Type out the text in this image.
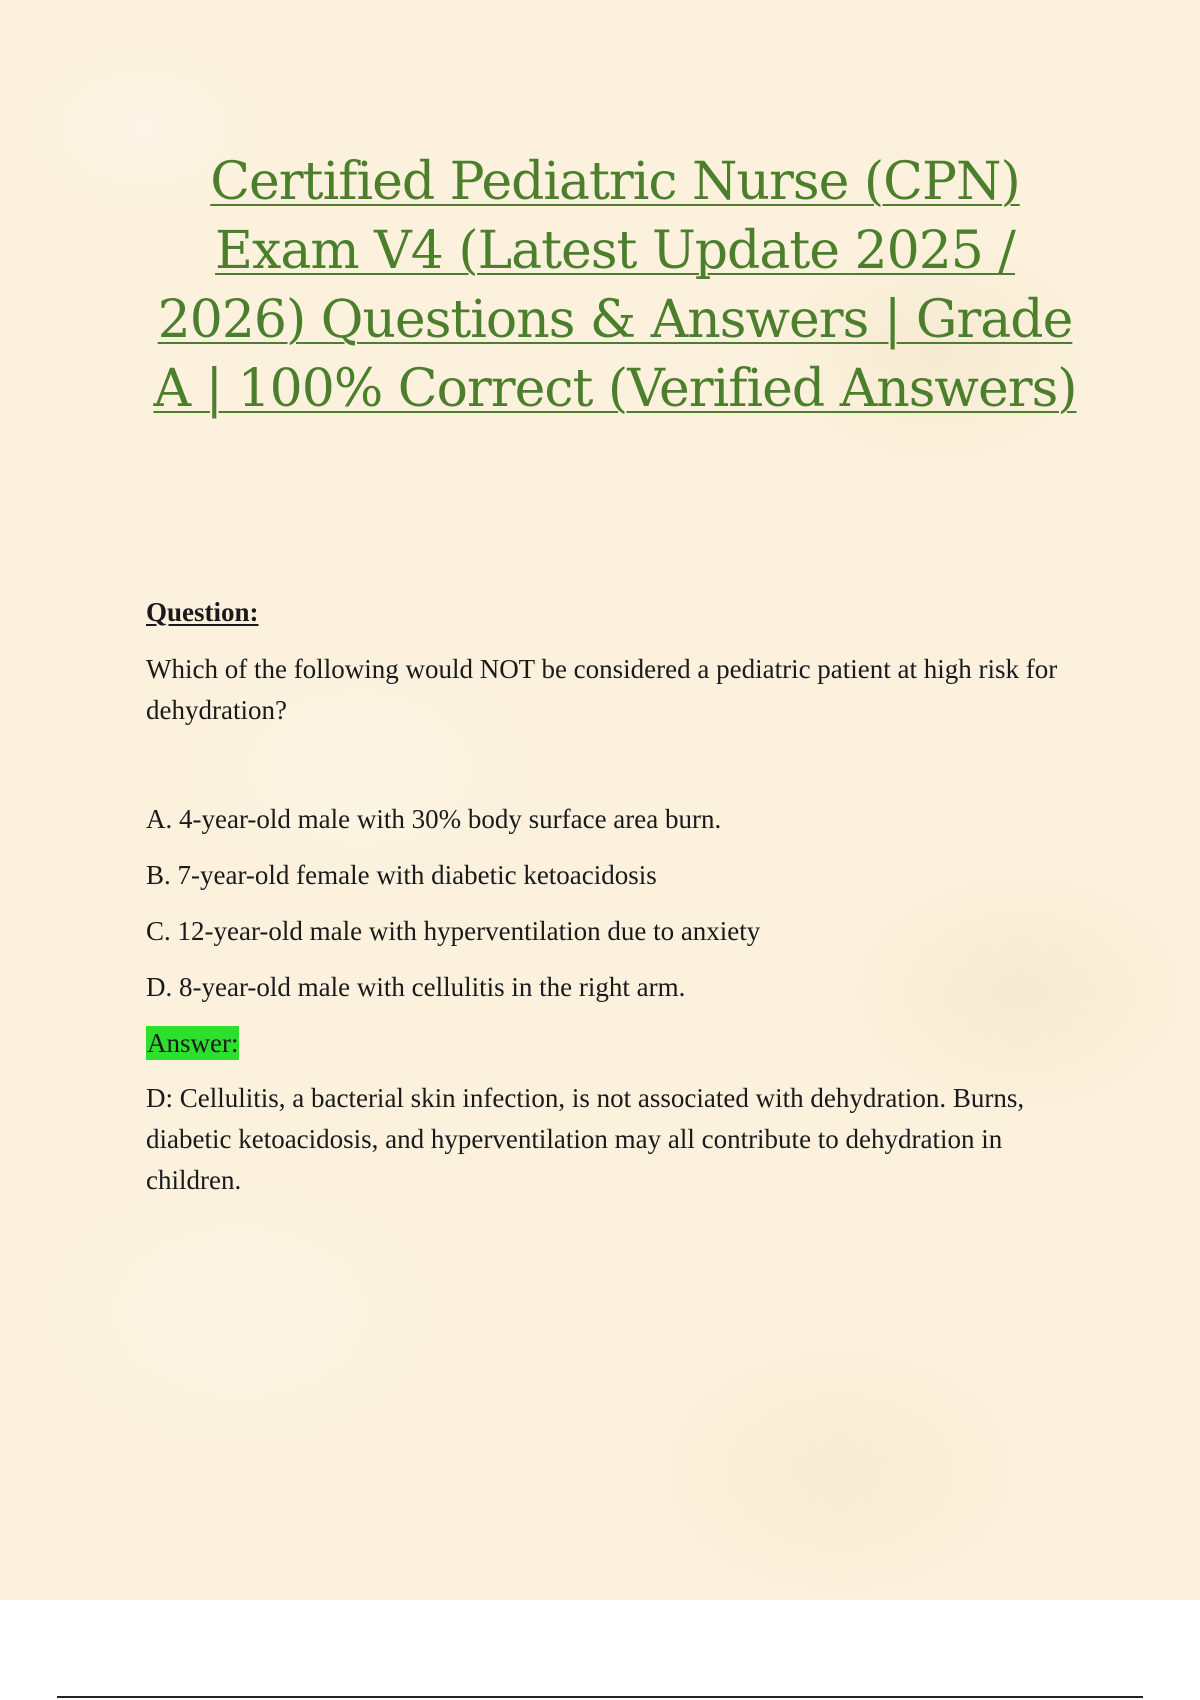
Certified Pediatric Nurse (CPN) Exam V4 (Latest Update 2025 / 2026) Questions & Answers | Grade A | 100% Correct (Verified Answers)

Question:

Which of the following would NOT be considered a pediatric patient at high risk for dehydration?

A. 4-year-old male with 30% body surface area burn.
B. 7-year-old female with diabetic ketoacidosis
C. 12-year-old male with hyperventilation due to anxiety
D. 8-year-old male with cellulitis in the right arm.
Answer:

D: Cellulitis, a bacterial skin infection, is not associated with dehydration. Burns, diabetic ketoacidosis, and hyperventilation may all contribute to dehydration in children.
